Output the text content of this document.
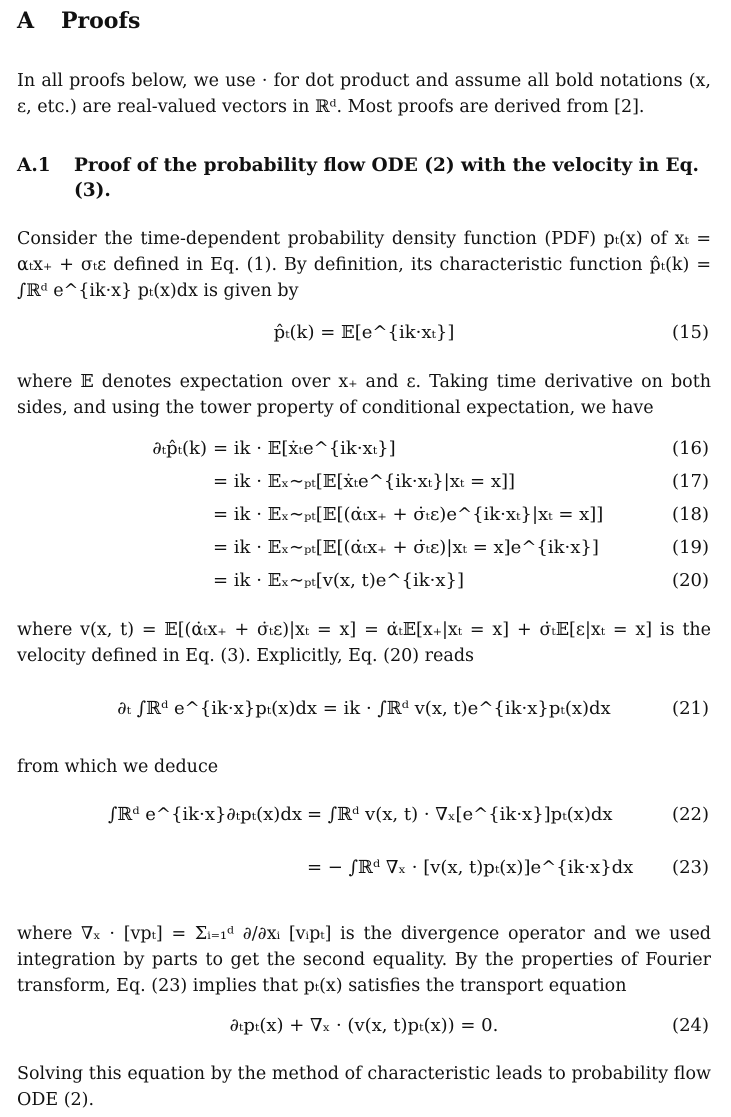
A Proofs
In all proofs below, we use · for dot product and assume all bold notations (x, ε, etc.) are real-valued vectors in ℝᵈ. Most proofs are derived from [2].
A.1 Proof of the probability flow ODE (2) with the velocity in Eq. (3).
Consider the time-dependent probability density function (PDF) pₜ(x) of xₜ = αₜx₊ + σₜε defined in Eq. (1). By definition, its characteristic function p̂ₜ(k) = ∫ℝᵈ e^{ik·x} pₜ(x)dx is given by
p̂ₜ(k) = 𝔼[e^{ik·xₜ}]	(15)
where 𝔼 denotes expectation over x₊ and ε. Taking time derivative on both sides, and using the tower property of conditional expectation, we have
∂ₜp̂ₜ(k) = ik · 𝔼[ẋₜe^{ik·xₜ}]	(16)
= ik · 𝔼ₓ∼ₚₜ[𝔼[ẋₜe^{ik·xₜ}|xₜ = x]]	(17)
= ik · 𝔼ₓ∼ₚₜ[𝔼[(α̇ₜx₊ + σ̇ₜε)e^{ik·xₜ}|xₜ = x]]	(18)
= ik · 𝔼ₓ∼ₚₜ[𝔼[(α̇ₜx₊ + σ̇ₜε)|xₜ = x]e^{ik·x}]	(19)
= ik · 𝔼ₓ∼ₚₜ[v(x, t)e^{ik·x}]	(20)
where v(x, t) = 𝔼[(α̇ₜx₊ + σ̇ₜε)|xₜ = x] = α̇ₜ𝔼[x₊|xₜ = x] + σ̇ₜ𝔼[ε|xₜ = x] is the velocity defined in Eq. (3). Explicitly, Eq. (20) reads
∂ₜ ∫ℝᵈ e^{ik·x}pₜ(x)dx = ik · ∫ℝᵈ v(x, t)e^{ik·x}pₜ(x)dx	(21)
from which we deduce
∫ℝᵈ e^{ik·x}∂ₜpₜ(x)dx = ∫ℝᵈ v(x, t) · ∇ₓ[e^{ik·x}]pₜ(x)dx	(22)
= − ∫ℝᵈ ∇ₓ · [v(x, t)pₜ(x)]e^{ik·x}dx (23)
where ∇ₓ · [vpₜ] = Σᵢ₌₁ᵈ ∂/∂xᵢ [vᵢpₜ] is the divergence operator and we used integration by parts to get the second equality. By the properties of Fourier transform, Eq. (23) implies that pₜ(x) satisfies the transport equation
∂ₜpₜ(x) + ∇ₓ · (v(x, t)pₜ(x)) = 0.	(24)
Solving this equation by the method of characteristic leads to probability flow ODE (2).
